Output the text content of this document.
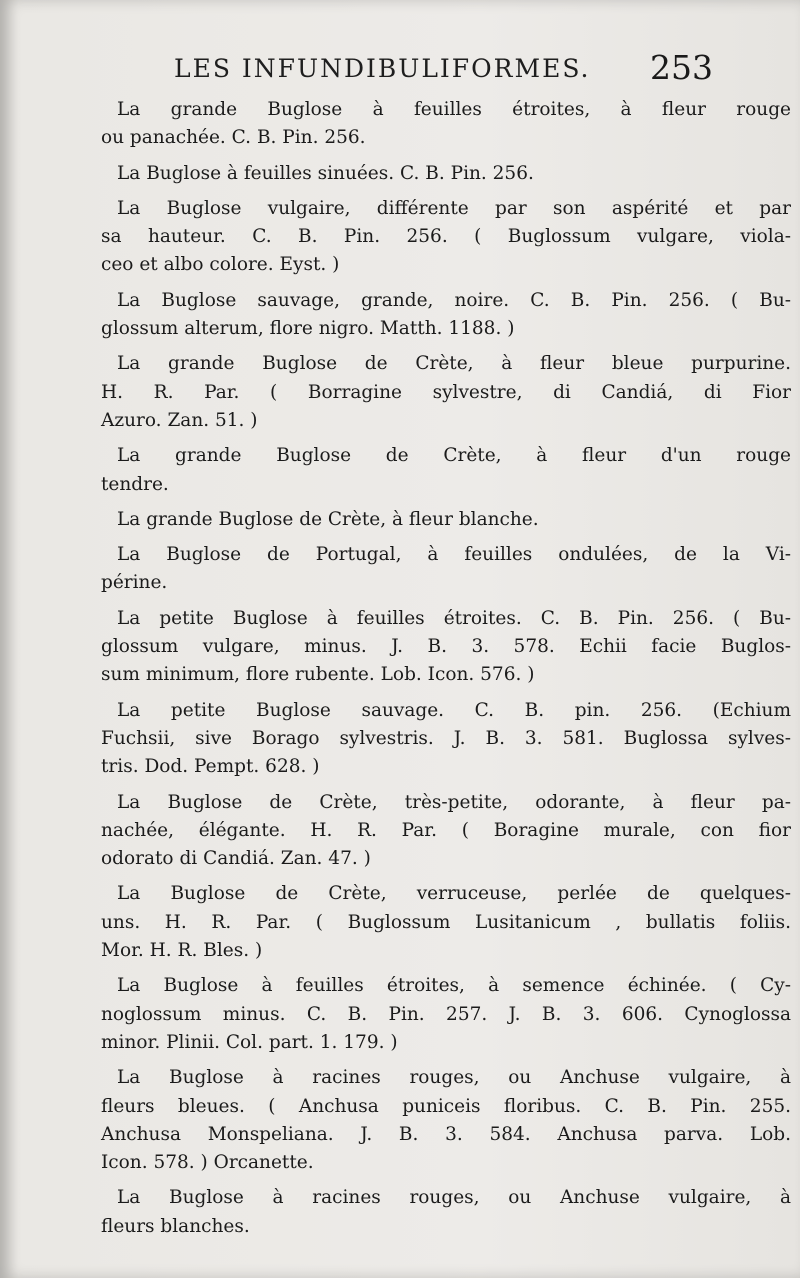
LES INFUNDIBULIFORMES. 253
La grande Buglose à feuilles étroites, à fleur rouge
ou panachée. C. B. Pin. 256.
La Buglose à feuilles sinuées. C. B. Pin. 256.
La Buglose vulgaire, différente par son aspérité et par
sa hauteur. C. B. Pin. 256. ( Buglossum vulgare, viola-
ceo et albo colore. Eyst. )
La Buglose sauvage, grande, noire. C. B. Pin. 256. ( Bu-
glossum alterum, flore nigro. Matth. 1188. )
La grande Buglose de Crète, à fleur bleue purpurine.
H. R. Par. ( Borragine sylvestre, di Candiá, di Fior
Azuro. Zan. 51. )
La grande Buglose de Crète, à fleur d'un rouge
tendre.
La grande Buglose de Crète, à fleur blanche.
La Buglose de Portugal, à feuilles ondulées, de la Vi-
périne.
La petite Buglose à feuilles étroites. C. B. Pin. 256. ( Bu-
glossum vulgare, minus. J. B. 3. 578. Echii facie Buglos-
sum minimum, flore rubente. Lob. Icon. 576. )
La petite Buglose sauvage. C. B. pin. 256. (Echium
Fuchsii, sive Borago sylvestris. J. B. 3. 581. Buglossa sylves-
tris. Dod. Pempt. 628. )
La Buglose de Crète, très-petite, odorante, à fleur pa-
nachée, élégante. H. R. Par. ( Boragine murale, con fior
odorato di Candiá. Zan. 47. )
La Buglose de Crète, verruceuse, perlée de quelques-
uns. H. R. Par. ( Buglossum Lusitanicum , bullatis foliis.
Mor. H. R. Bles. )
La Buglose à feuilles étroites, à semence échinée. ( Cy-
noglossum minus. C. B. Pin. 257. J. B. 3. 606. Cynoglossa
minor. Plinii. Col. part. 1. 179. )
La Buglose à racines rouges, ou Anchuse vulgaire, à
fleurs bleues. ( Anchusa puniceis floribus. C. B. Pin. 255.
Anchusa Monspeliana. J. B. 3. 584. Anchusa parva. Lob.
Icon. 578. ) Orcanette.
La Buglose à racines rouges, ou Anchuse vulgaire, à
fleurs blanches.
